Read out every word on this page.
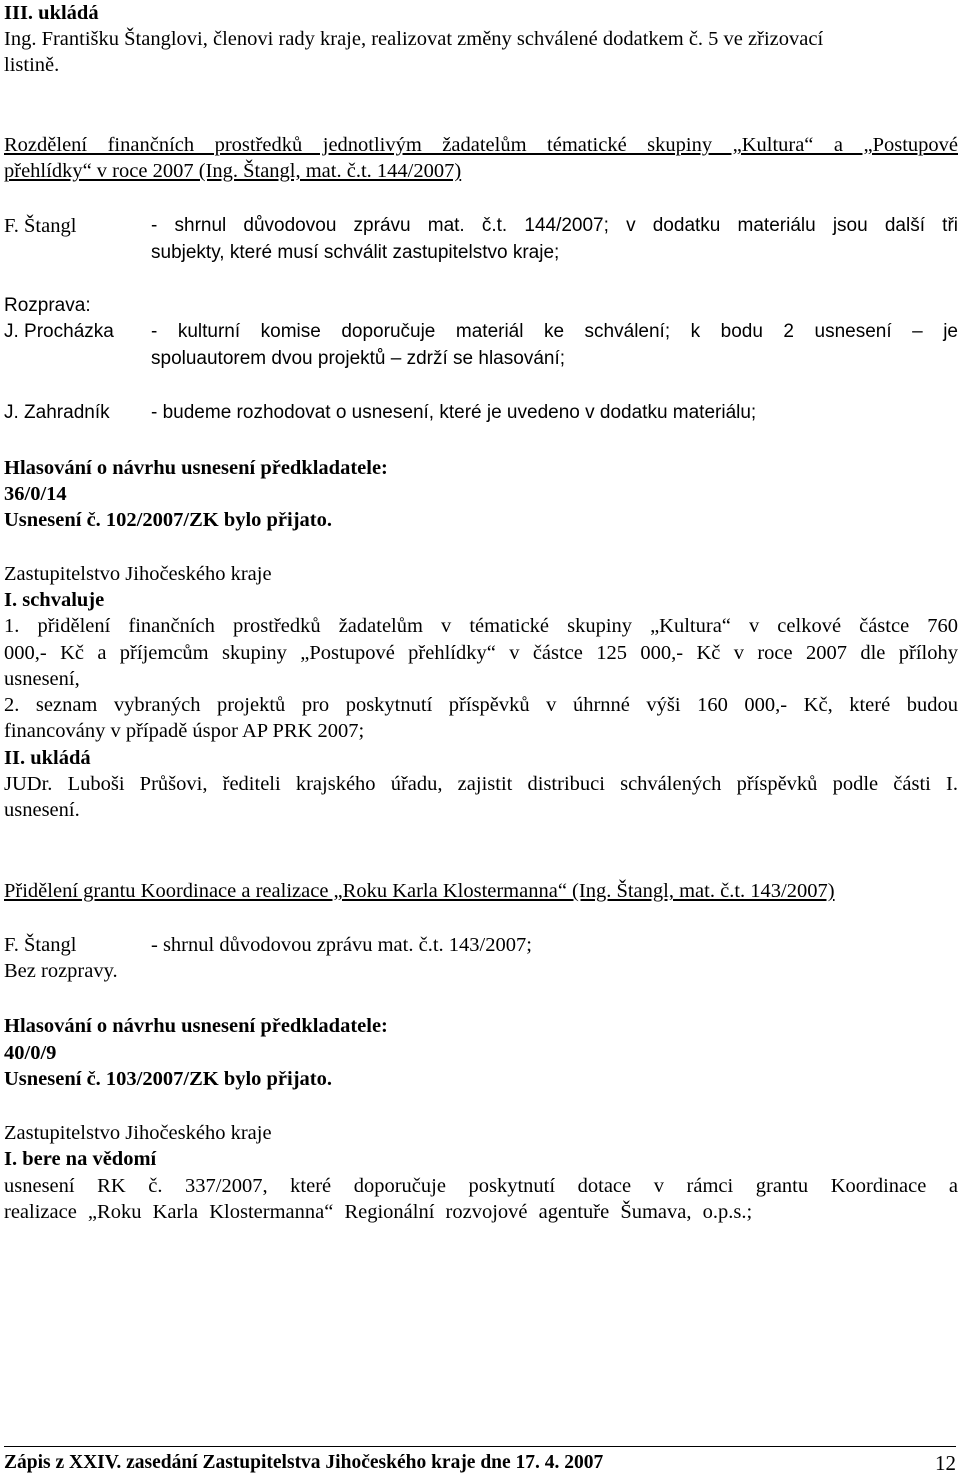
III. ukládá
Ing. Františku Štanglovi, členovi rady kraje, realizovat změny schválené dodatkem č. 5 ve zřizovací
listině.
Rozdělení finančních prostředků jednotlivým žadatelům tématické skupiny „Kultura“ a „Postupové
přehlídky“ v roce 2007 (Ing. Štangl, mat. č.t. 144/2007)
F. Štangl	- shrnul důvodovou zprávu mat. č.t. 144/2007; v dodatku materiálu jsou další tři
subjekty, které musí schválit zastupitelstvo kraje;
Rozprava:
J. Procházka - kulturní komise doporučuje materiál ke schválení; k bodu 2 usnesení – je
spoluautorem dvou projektů – zdrží se hlasování;
J. Zahradník - budeme rozhodovat o usnesení, které je uvedeno v dodatku materiálu;
Hlasování o návrhu usnesení předkladatele:
36/0/14
Usnesení č. 102/2007/ZK bylo přijato.
Zastupitelstvo Jihočeského kraje
I. schvaluje
1. přidělení finančních prostředků žadatelům v tématické skupiny „Kultura“ v celkové částce 760
000,- Kč a příjemcům skupiny „Postupové přehlídky“ v částce 125 000,- Kč v roce 2007 dle přílohy
usnesení,
2. seznam vybraných projektů pro poskytnutí příspěvků v úhrnné výši 160 000,- Kč, které budou
financovány v případě úspor AP PRK 2007;
II. ukládá
JUDr. Luboši Průšovi, řediteli krajského úřadu, zajistit distribuci schválených příspěvků podle části I.
usnesení.
Přidělení grantu Koordinace a realizace „Roku Karla Klostermanna“ (Ing. Štangl, mat. č.t. 143/2007)
F. Štangl	- shrnul důvodovou zprávu mat. č.t. 143/2007;
Bez rozpravy.
Hlasování o návrhu usnesení předkladatele:
40/0/9
Usnesení č. 103/2007/ZK bylo přijato.
Zastupitelstvo Jihočeského kraje
I. bere na vědomí
usnesení RK č. 337/2007, které doporučuje poskytnutí dotace v rámci grantu Koordinace a
realizace „Roku Karla Klostermanna“ Regionální rozvojové agentuře Šumava, o.p.s.;
Zápis z XXIV. zasedání Zastupitelstva Jihočeského kraje dne 17. 4. 2007	12
